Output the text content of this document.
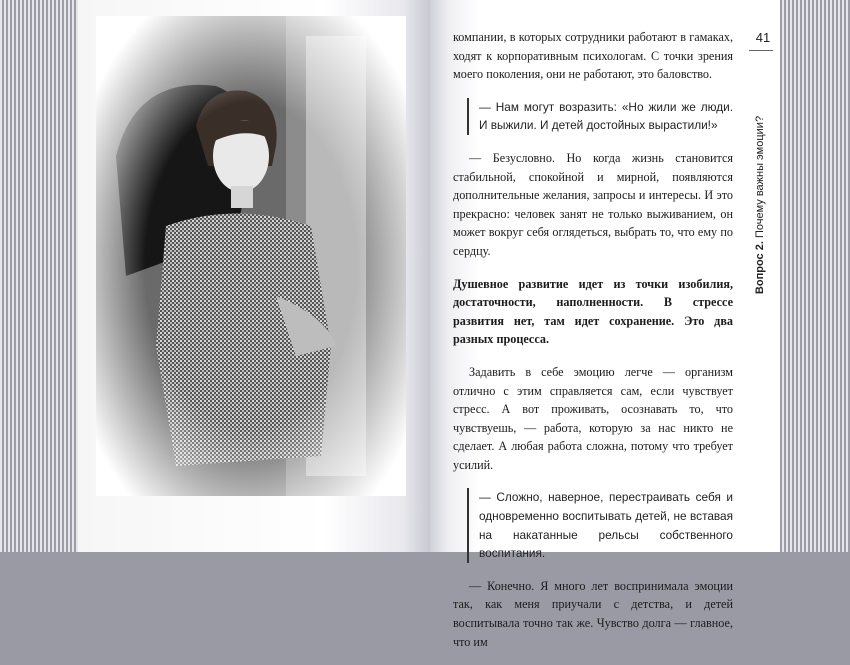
компании, в которых сотрудники работают в гамаках, ходят к корпоративным психологам. С точки зрения моего поколения, они не работают, это баловство.

— Нам могут возразить: «Но жили же люди. И выжили. И детей достойных вырастили!»

— Безусловно. Но когда жизнь становится стабильной, спокойной и мирной, появляются дополнительные желания, запросы и интересы. И это прекрасно: человек занят не только выживанием, он может вокруг себя оглядеться, выбрать то, что ему по сердцу.

Душевное развитие идет из точки изобилия, достаточности, наполненности. В стрессе развития нет, там идет сохранение. Это два разных процесса.

Задавить в себе эмоцию легче — организм отлично с этим справляется сам, если чувствует стресс. А вот проживать, осознавать то, что чувствуешь, — работа, которую за нас никто не сделает. А любая работа сложна, потому что требует усилий.

— Сложно, наверное, перестраивать себя и одновременно воспитывать детей, не вставая на накатанные рельсы собственного воспитания.

— Конечно. Я много лет воспринимала эмоции так, как меня приучали с детства, и детей воспитывала точно так же. Чувство долга — главное, что им

41
Вопрос 2. Почему важны эмоции?
